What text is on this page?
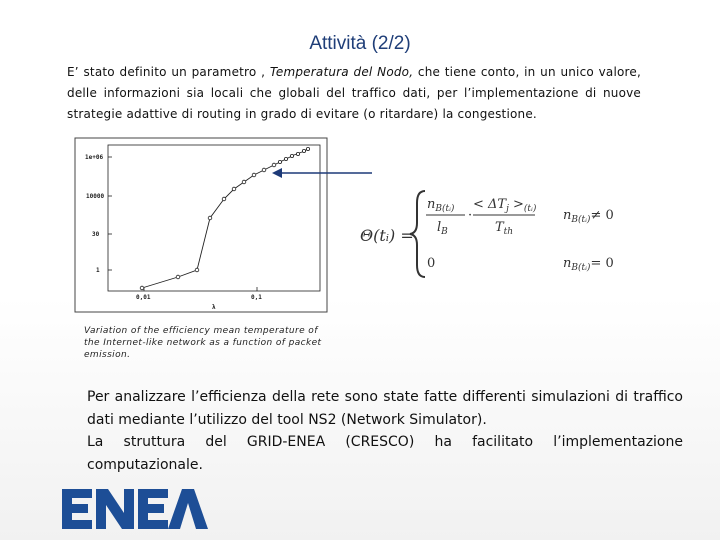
Attività (2/2)
E’ stato definito un parametro , Temperatura del Nodo, che tiene conto, in un unico valore, delle informazioni sia locali che globali del traffico dati, per l’implementazione di nuove strategie adattive di routing in grado di evitare (o ritardare) la congestione.
1e+06
10000
30
1
0,01	0,1
λ
Variation of the efficiency mean temperature of the Internet-like network as a function of packet emission.
Θ(tᵢ) =
$n_{B(tᵢ)}$
$l_B$
·
< $\Delta T_j >_{(tᵢ)}$
$T_{th}$
$n_{B(tᵢ)}\ne 0$
0	$n_{B(tᵢ)}= 0$

Per analizzare l’efficienza della rete sono state fatte differenti simulazioni di traffico dati mediante l’utilizzo del tool NS2 (Network Simulator).

La struttura del GRID-ENEA (CRESCO) ha facilitato l’implementazione computazionale.
